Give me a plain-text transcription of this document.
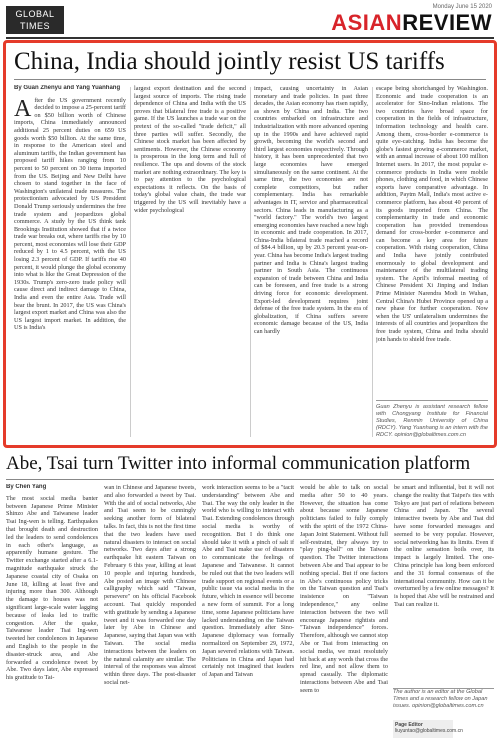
GLOBAL
TIMES
Monday June 15 2020
ASIANREVIEW
China, India should jointly resist US tariffs
By Guan Zhenyu and Yang Yuanhang
After the US government recently decided to impose a 25-percent tariff on $50 billion worth of Chinese imports, China immediately announced additional 25 percent duties on 659 US goods worth $50 billion. At the same time, in response to the American steel and aluminum tariffs, the Indian government has proposed tariff hikes ranging from 10 percent to 50 percent on 30 items imported from the US. Beijing and New Delhi have chosen to stand together in the face of Washington's unilateral trade measures. The protectionism advocated by US President Donald Trump seriously undermines the free trade system and jeopardizes global commerce. A study by the US think tank Brookings Institution showed that if a twice trade war breaks out, where tariffs rise by 10 percent, most economies will lose their GDP reduced by 1 to 4.5 percent, with the US losing 2.3 percent of GDP. If tariffs rise 40 percent, it would plunge the global economy into what is like the Great Depression of the 1930s. Trump's zero-zero trade policy will cause direct and indirect damage to China, India and even the entire Asia. Trade will bear the brunt. In 2017, the US was China's largest export market and China was also the US largest import market. In addition, the US is India's
largest export destination and the second largest source of imports. The rising trade dependence of China and India with the US proves that bilateral free trade is a positive game. If the US launches a trade war on the pretext of the so-called "trade deficit," all three parties will suffer. Secondly, the Chinese stock market has been affected by sentiments. However, the Chinese economy is prosperous in the long term and full of resilience. The ups and downs of the stock market are nothing extraordinary. The key is to pay attention to the psychological expectations it reflects. On the basis of today's global value chain, the trade war triggered by the US will inevitably have a wider psychological
impact, causing uncertainty in Asian monetary and trade policies. In past three decades, the Asian economy has risen rapidly, as shown by China and India. The two countries embarked on infrastructure and industrialization with more advanced opening up in the 1990s and have achieved rapid growth, becoming the world's second and third largest economies respectively. Through history, it has been unprecedented that two large economies have emerged simultaneously on the same continent. At the same time, the two economies are not complete competitors, but rather complementary. India has remarkable advantages in IT, service and pharmaceutical sectors. China leads in manufacturing as a "world factory." The world's two largest emerging economies have reached a new high in economic and trade cooperation. In 2017, China-India bilateral trade reached a record of $84.4 billion, up by 20.3 percent year-on-year. China has become India's largest trading partner and India is China's largest trading partner in South Asia. The continuous expansion of trade between China and India can be foreseen, and free trade is a strong driving force for economic development. Export-led development requires joint defense of the free trade system. In the era of globalization, if China suffers severe economic damage because of the US, India can hardly
escape being shortchanged by Washington. Economic and trade cooperation is an accelerator for Sino-Indian relations. The two countries have broad space for cooperation in the fields of infrastructure, information technology and health care. Among them, cross-border e-commerce is quite eye-catching. India has become the globe's fastest growing e-commerce market, with an annual increase of about 100 million Internet users. In 2017, the most popular e-commerce products in India were mobile phones, clothing and food, in which Chinese exports have comparative advantage. In addition, Paytm Mall, India's most active e-commerce platform, has about 40 percent of its goods imported from China. The complementarity in trade and economic cooperation has provided tremendous demand for cross-border e-commerce and can become a key area for future cooperation. With rising cooperation, China and India have jointly contributed enormously to global development and maintenance of the multilateral trading system. The April's informal meeting of Chinese President Xi Jinping and Indian Prime Minister Narendra Modi in Wuhan, Central China's Hubei Province opened up a new phase for further cooperation. Now when the US' unilateralism undermines the interests of all countries and jeopardizes the free trade system, China and India should join hands to shield free trade.
Guan Zhenyu is assistant research fellow with Chongyang Institute for Financial Studies, Renmin University of China (RDCY). Yang Yuanhang is an intern with the RDCY. opinion@globaltimes.com.cn
Abe, Tsai turn Twitter into informal communication platform
By Chen Yang
The most social media banter between Japanese Prime Minister Shinzo Abe and Taiwanese leader Tsai Ing-wen is telling. Earthquakes that brought death and destruction led the leaders to send condolences in each other's language, as apparently humane gesture. The Twitter exchange started after a 6.1-magnitude earthquake struck the Japanese coastal city of Osaka on June 18, killing at least five and injuring more than 300. Although the damage to houses was not significant large-scale water lagging because of leaks led to traffic congestion. After the quake, Taiwanese leader Tsai Ing-wen tweeted her condolences in Japanese and English to the people in the disaster-struck area, and Abe forwarded a condolence tweet by Abe. Two days later, Abe expressed his gratitude to Tai-
wan in Chinese and Japanese tweets, and also forwarded a tweet by Tsai. With the aid of social networks, Abe and Tsai seem to be cunningly seeking another form of bilateral talks. In fact, this is not the first time that the two leaders have used natural disasters to interact on social networks. Two days after a strong earthquake hit eastern Taiwan on February 6 this year, killing at least 10 people and injuring hundreds, Abe posted an image with Chinese calligraphy which said "Taiwan, persevere" on his official Facebook account. Tsai quickly responded with gratitude by sending a Japanese tweet and it was forwarded one day later by Abe in Chinese and Japanese, saying that Japan was with Taiwan. The social media interactions between the leaders on the natural calamity are similar. The interval of the responses was almost within three days. The post-disaster social net-
work interaction seems to be a "tacit understanding" between Abe and Tsai. The way the only leader in the world who is willing to interact with Tsai. Extending condolences through social media is worthy of recognition. But I do think one should take it with a pinch of salt if Abe and Tsai make use of disasters to communicate the feelings of Japanese and Taiwanese. It cannot be ruled out that the two leaders will trade support on regional events or a public issue via social media in the future, which in essence will become a new form of summit. For a long time, some Japanese politicians have lacked understanding on the Taiwan question. Immediately after Sino-Japanese diplomacy was formally normalized on September 29, 1972, Japan severed relations with Taiwan. Politicians in China and Japan had certainly not imagined that leaders of Japan and Taiwan
would be able to talk on social media after 50 to 40 years. However, the situation has come about because some Japanese politicians failed to fully comply with the spirit of the 1972 China-Japan Joint Statement. Without full self-restraint, they always try to "play ping-ball" on the Taiwan question. The Twitter interactions between Abe and Tsai appear to be nothing special. But if one factors in Abe's continuous policy tricks on the Taiwan question and Tsai's insistence on "Taiwan independence," any online interaction between the two will encourage Japanese rightists and "Taiwan independence" forces. Therefore, although we cannot stop Abe or Tsai from interacting on social media, we must resolutely hit back at any words that cross the red line, and not allow them to spread casually. The diplomatic interactions between Abe and Tsai seem to
be smart and influential, but it will not change the reality that Taipei's ties with Tokyo are just part of relations between China and Japan. The several interactive tweets by Abe and Tsai did have some forwarded messages and seemed to be very popular. However, social networking has its limits. Even if the online sensation boils over, its impact is largely limited. The one-China principle has long been enforced and the 31 formal consensus of the international community. How can it be overturned by a few online messages? It is hoped that Abe will be restrained and Tsai can realize it.
The author is an editor at the Global Times and a research fellow on Japan issues. opinion@globaltimes.com.cn
Page Editor
liuyuntao@globaltimes.com.cn
